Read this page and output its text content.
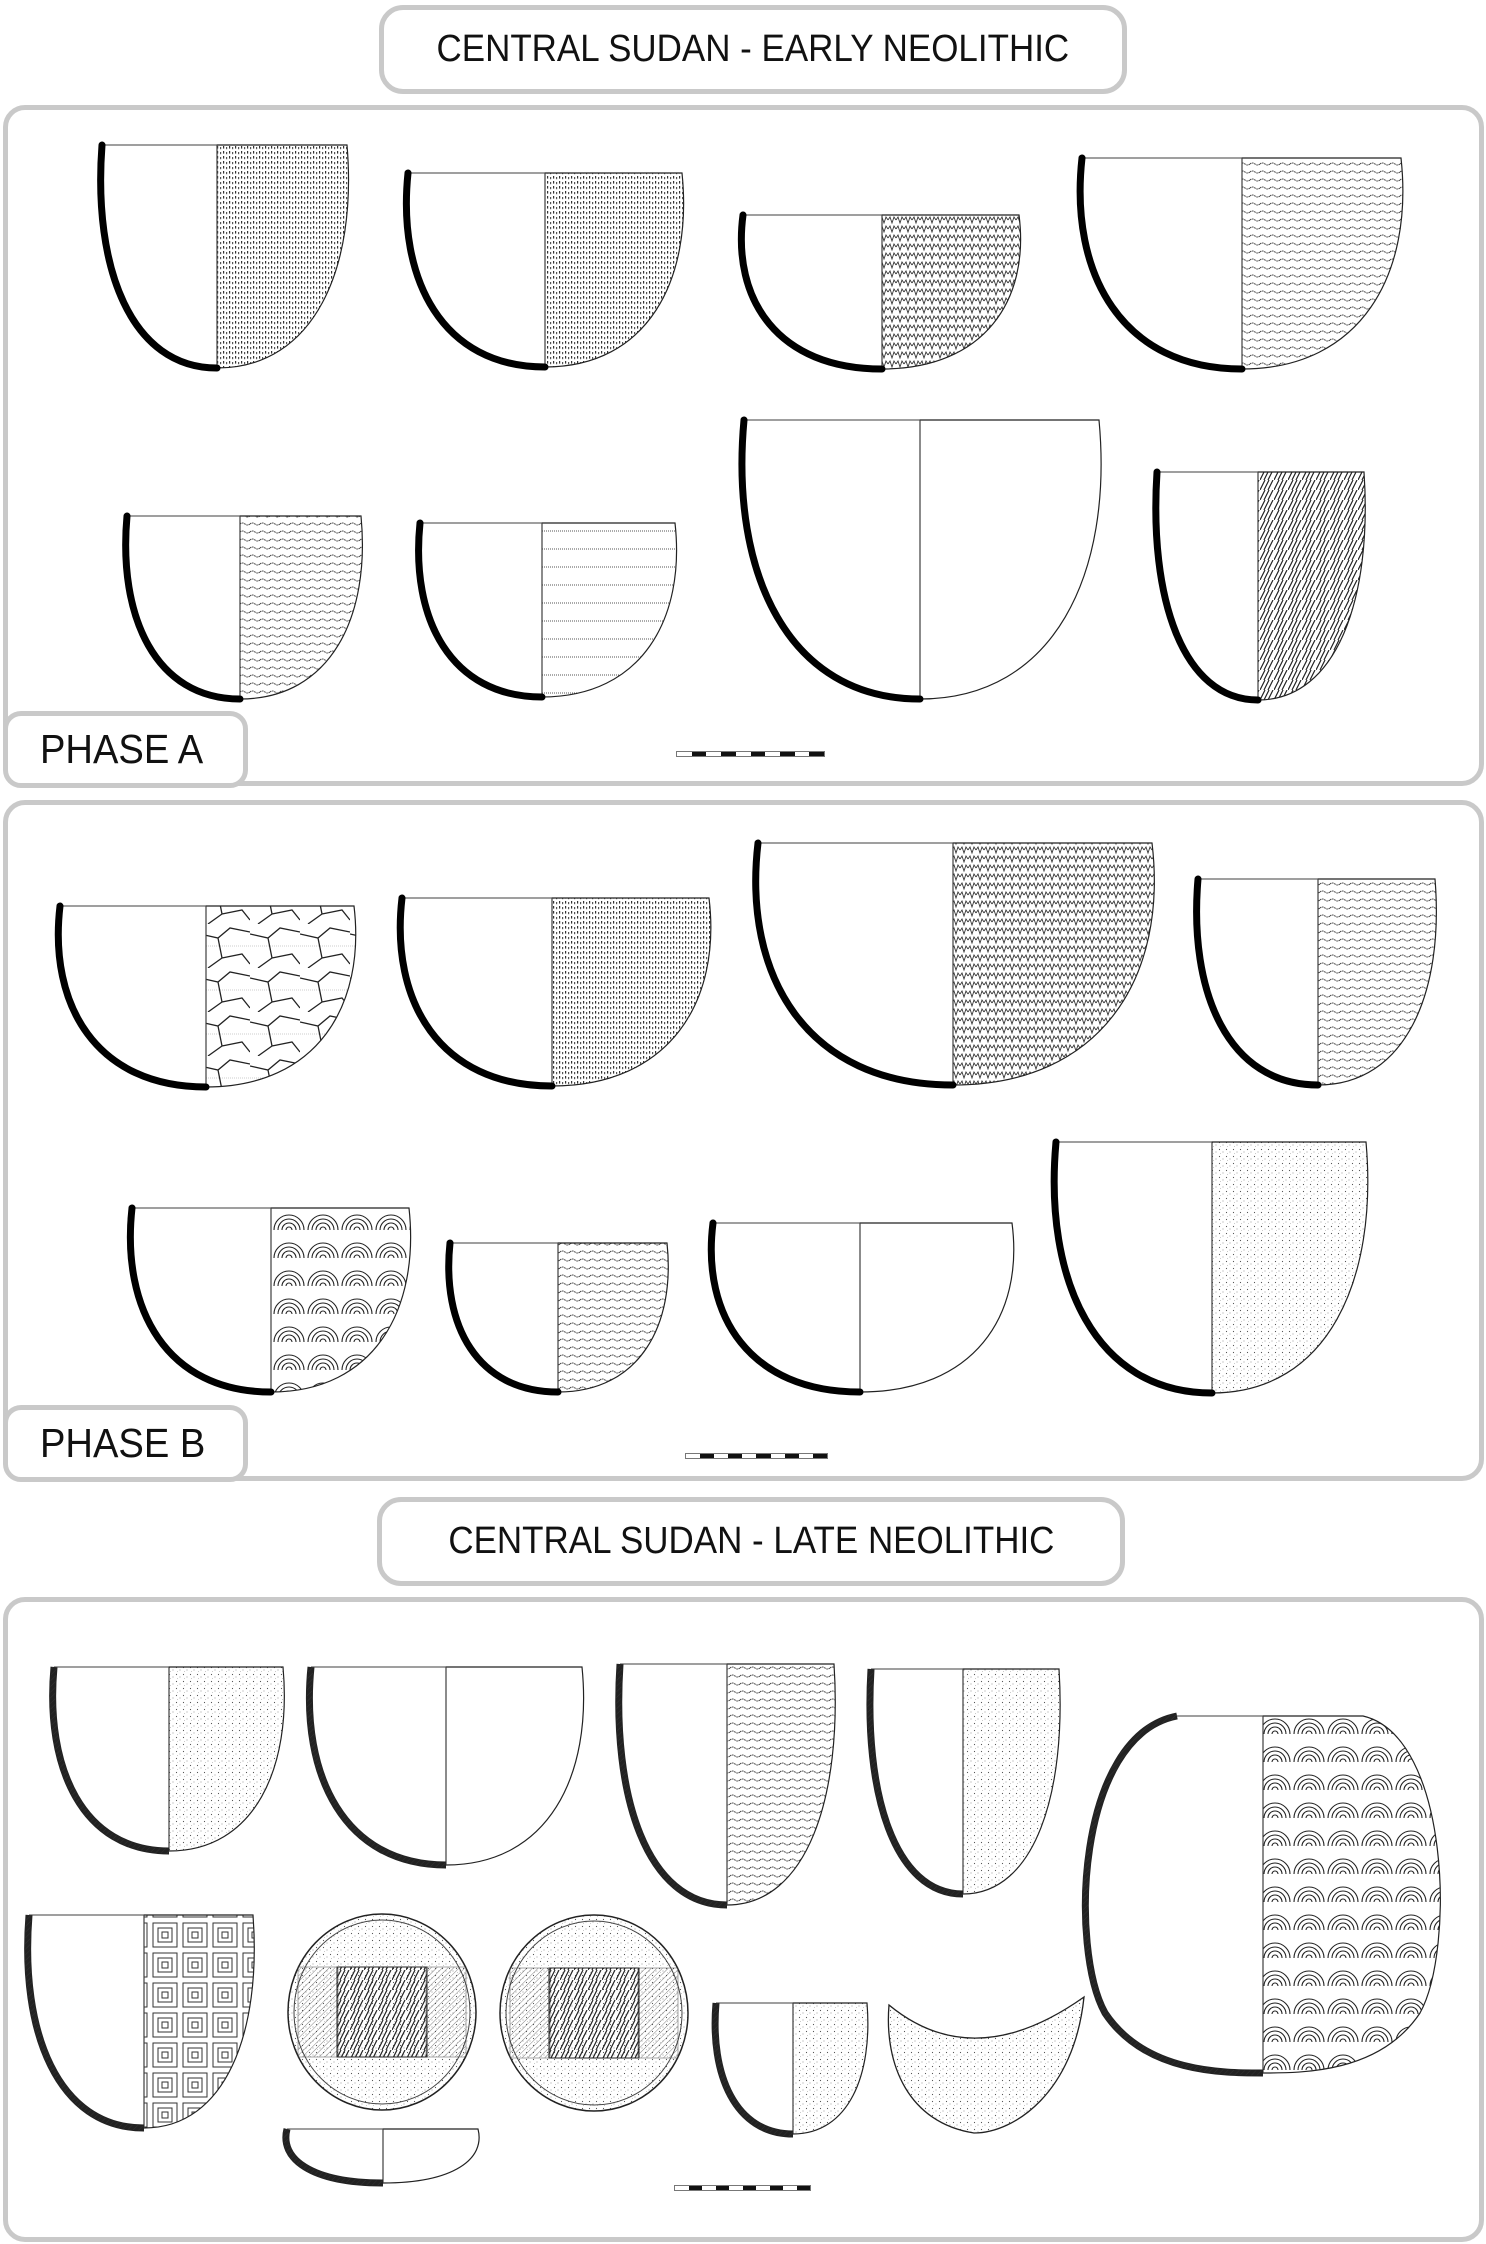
CENTRAL SUDAN - EARLY NEOLITHIC
PHASE A
PHASE B
CENTRAL SUDAN - LATE NEOLITHIC
